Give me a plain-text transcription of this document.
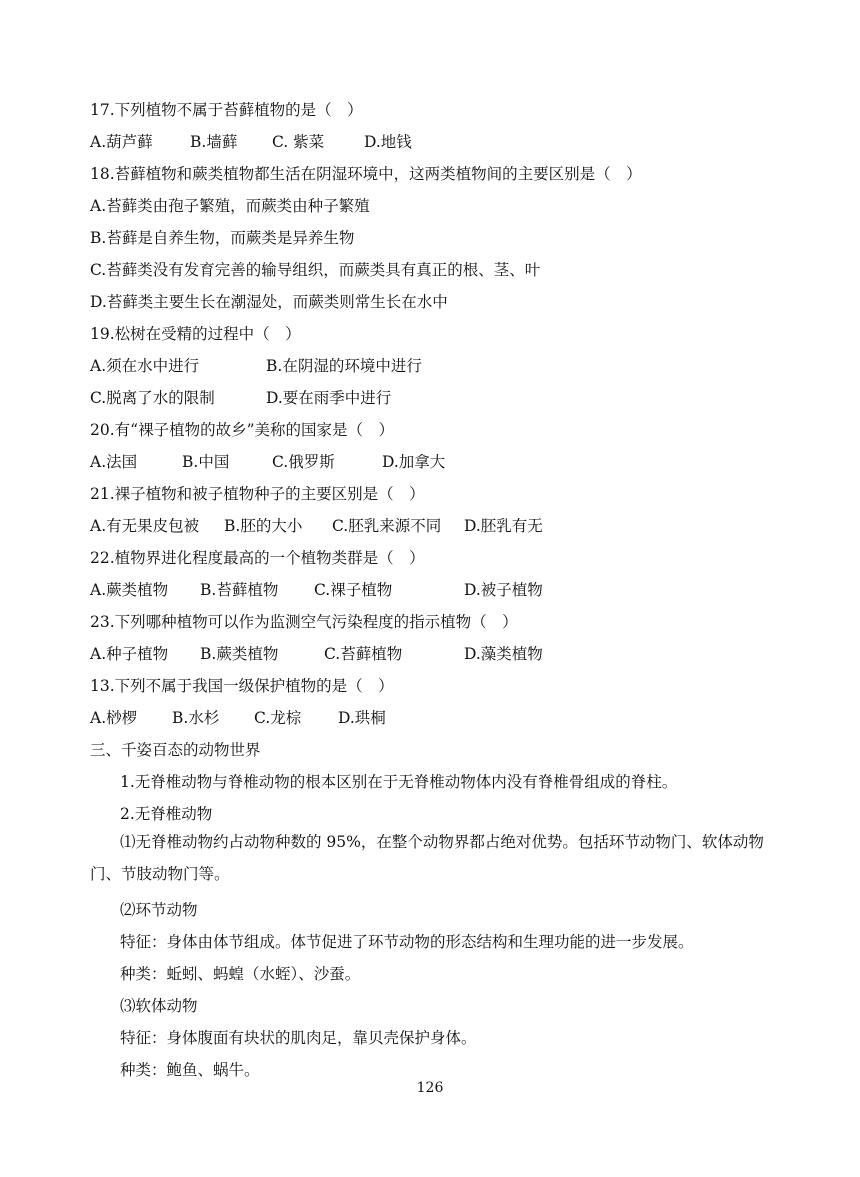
17.下列植物不属于苔藓植物的是（　）
A.葫芦藓 B.墙藓 C. 紫菜	D.地钱
18.苔藓植物和蕨类植物都生活在阴湿环境中，这两类植物间的主要区别是（　）
A.苔藓类由孢子繁殖，而蕨类由种子繁殖
B.苔藓是自养生物，而蕨类是异养生物
C.苔藓类没有发育完善的输导组织，而蕨类具有真正的根、茎、叶
D.苔藓类主要生长在潮湿处，而蕨类则常生长在水中
19.松树在受精的过程中（　）
A.须在水中进行	B.在阴湿的环境中进行
C.脱离了水的限制	D.要在雨季中进行
20.有“裸子植物的故乡”美称的国家是（　）
A.法国	B.中国	C.俄罗斯	D.加拿大
21.裸子植物和被子植物种子的主要区别是（　）
A.有无果皮包被 B.胚的大小 C.胚乳来源不同 D.胚乳有无
22.植物界进化程度最高的一个植物类群是（　）
A.蕨类植物 B.苔藓植物 C.裸子植物	D.被子植物
23.下列哪种植物可以作为监测空气污染程度的指示植物（　）
A.种子植物 B.蕨类植物	C.苔藓植物	D.藻类植物
13.下列不属于我国一级保护植物的是（　）
A.桫椤 B.水杉 C.龙棕 D.珙桐
三、千姿百态的动物世界
1.无脊椎动物与脊椎动物的根本区别在于无脊椎动物体内没有脊椎骨组成的脊柱。
2.无脊椎动物
⑴无脊椎动物约占动物种数的 95%，在整个动物界都占绝对优势。包括环节动物门、软体动物门、节肢动物门等。
⑵环节动物
特征：身体由体节组成。体节促进了环节动物的形态结构和生理功能的进一步发展。
种类：蚯蚓、蚂蝗（水蛭）、沙蚕。
⑶软体动物
特征：身体腹面有块状的肌肉足，靠贝壳保护身体。
种类：鲍鱼、蜗牛。
126
